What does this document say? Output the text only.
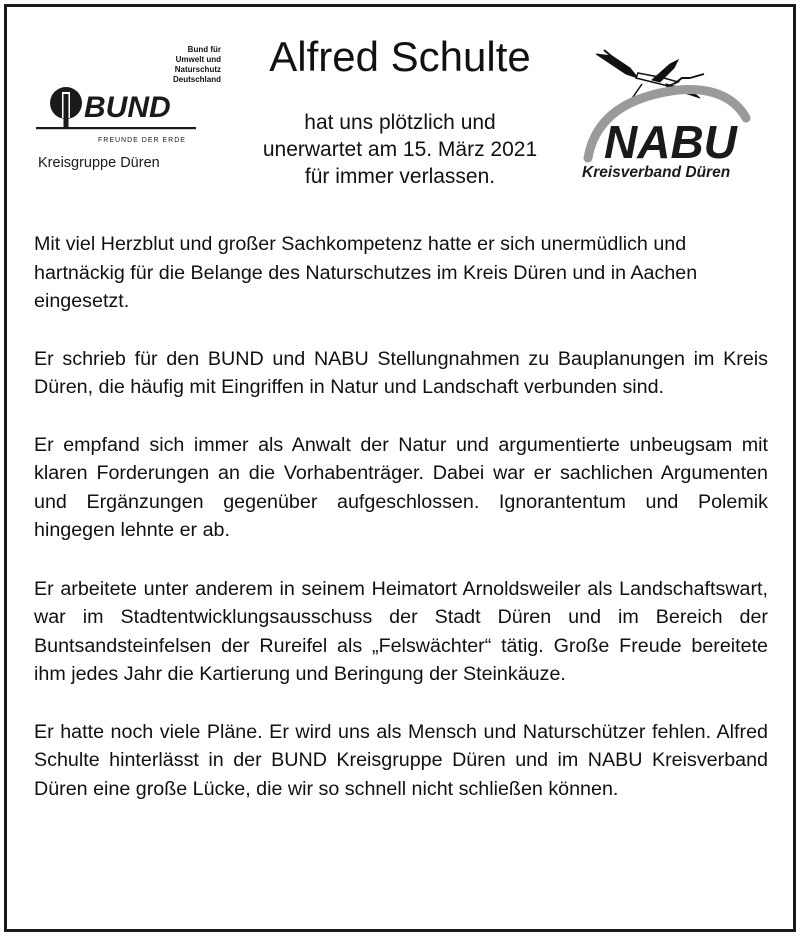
Bund für
Umwelt und
Naturschutz
Deutschland
BUND
FREUNDE DER ERDE
Kreisgruppe Düren
Alfred Schulte
hat uns plötzlich und
unerwartet am 15. März 2021
für immer verlassen.
NABU
Kreisverband Düren

Mit viel Herzblut und großer Sachkompetenz hatte er sich unermüdlich und hartnäckig für die Belange des Naturschutzes im Kreis Düren und in Aachen eingesetzt.

Er schrieb für den BUND und NABU Stellungnahmen zu Bauplanungen im Kreis Düren, die häufig mit Eingriffen in Natur und Landschaft verbunden sind.

Er empfand sich immer als Anwalt der Natur und argumentierte unbeugsam mit klaren Forderungen an die Vorhabenträger. Dabei war er sachlichen Argumenten und Ergänzungen gegenüber aufgeschlossen. Ignorantentum und Polemik hingegen lehnte er ab.

Er arbeitete unter anderem in seinem Heimatort Arnoldsweiler als Landschaftswart, war im Stadtentwicklungsausschuss der Stadt Düren und im Bereich der Buntsandsteinfelsen der Rureifel als „Felswächter“ tätig. Große Freude bereitete ihm jedes Jahr die Kartierung und Beringung der Steinkäuze.

Er hatte noch viele Pläne. Er wird uns als Mensch und Naturschützer fehlen. Alfred Schulte hinterlässt in der BUND Kreisgruppe Düren und im NABU Kreisverband Düren eine große Lücke, die wir so schnell nicht schließen können.
